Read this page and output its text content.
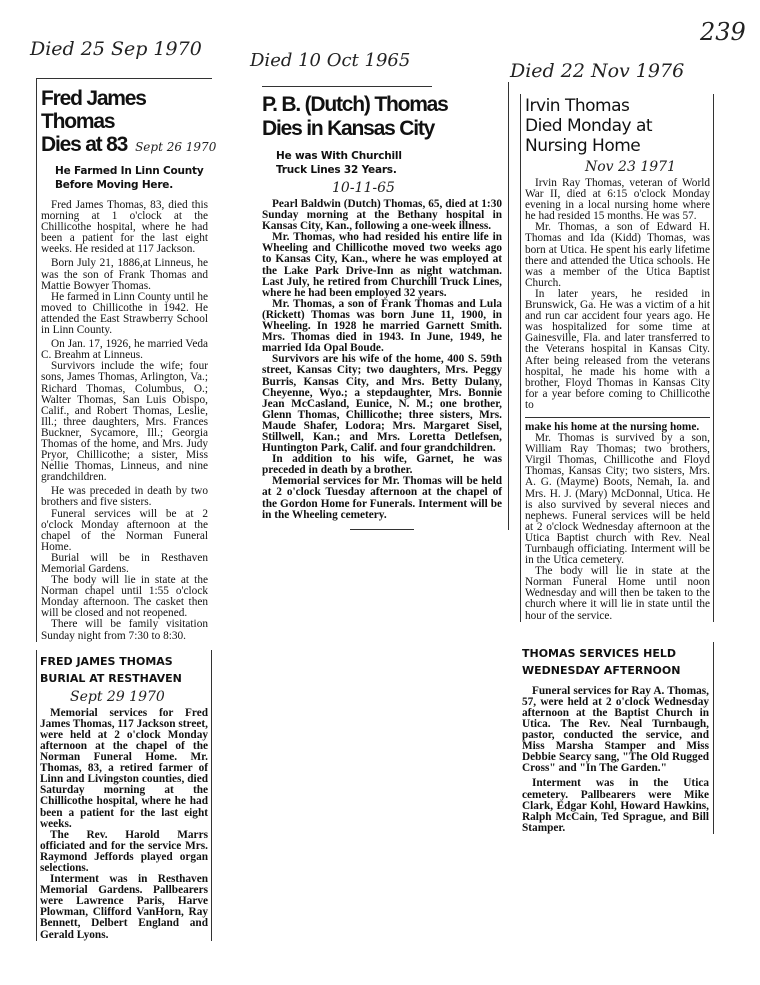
239
Died 25 Sep 1970
Fred James Thomas
Dies at 83 Sept 26 1970
He Farmed In Linn County
Before Moving Here.

Fred James Thomas, 83, died this morning at 1 o'clock at the Chillicothe hospital, where he had been a patient for the last eight weeks. He resided at 117 Jackson.

Born July 21, 1886,at Linneus, he was the son of Frank Thomas and Mattie Bowyer Thomas.

He farmed in Linn County until he moved to Chillicothe in 1942. He attended the East Strawberry School in Linn County.

On Jan. 17, 1926, he married Veda C. Breahm at Linneus.

Survivors include the wife; four sons, James Thomas, Arlington, Va.; Richard Thomas, Columbus, O.; Walter Thomas, San Luis Obispo, Calif., and Robert Thomas, Leslie, Ill.; three daughters, Mrs. Frances Buckner, Sycamore, Ill.; Georgia Thomas of the home, and Mrs. Judy Pryor, Chillicothe; a sister, Miss Nellie Thomas, Linneus, and nine grandchildren.

He was preceded in death by two brothers and five sisters.

Funeral services will be at 2 o'clock Monday afternoon at the chapel of the Norman Funeral Home.

Burial will be in Resthaven Memorial Gardens.

The body will lie in state at the Norman chapel until 1:55 o'clock Monday afternoon. The casket then will be closed and not reopened.

There will be family visitation Sunday night from 7:30 to 8:30.

FRED JAMES THOMAS
BURIAL AT RESTHAVEN
Sept 29 1970

Memorial services for Fred James Thomas, 117 Jackson street, were held at 2 o'clock Monday afternoon at the chapel of the Norman Funeral Home. Mr. Thomas, 83, a retired farmer of Linn and Livingston counties, died Saturday morning at the Chillicothe hospital, where he had been a patient for the last eight weeks.

The Rev. Harold Marrs officiated and for the service Mrs. Raymond Jeffords played organ selections.

Interment was in Resthaven Memorial Gardens. Pallbearers were Lawrence Paris, Harve Plowman, Clifford VanHorn, Ray Bennett, Delbert England and Gerald Lyons.

Died 10 Oct 1965
P. B. (Dutch) Thomas
Dies in Kansas City
He was With Churchill
Truck Lines 32 Years.
10-11-65

Pearl Baldwin (Dutch) Thomas, 65, died at 1:30 Sunday morning at the Bethany hospital in Kansas City, Kan., following a one-week illness.

Mr. Thomas, who had resided his entire life in Wheeling and Chillicothe moved two weeks ago to Kansas City, Kan., where he was employed at the Lake Park Drive-Inn as night watchman. Last July, he retired from Churchill Truck Lines, where he had been employed 32 years.

Mr. Thomas, a son of Frank Thomas and Lula (Rickett) Thomas was born June 11, 1900, in Wheeling. In 1928 he married Garnett Smith. Mrs. Thomas died in 1943. In June, 1949, he married Ida Opal Boude.

Survivors are his wife of the home, 400 S. 59th street, Kansas City; two daughters, Mrs. Peggy Burris, Kansas City, and Mrs. Betty Dulany, Cheyenne, Wyo.; a stepdaughter, Mrs. Bonnie Jean McCasland, Eunice, N. M.; one brother, Glenn Thomas, Chillicothe; three sisters, Mrs. Maude Shafer, Lodora; Mrs. Margaret Sisel, Stillwell, Kan.; and Mrs. Loretta Detlefsen, Huntington Park, Calif. and four grandchildren.

In addition to his wife, Garnet, he was preceded in death by a brother.

Memorial services for Mr. Thomas will be held at 2 o'clock Tuesday afternoon at the chapel of the Gordon Home for Funerals. Interment will be in the Wheeling cemetery.

Died 22 Nov 1976
Irvin Thomas
Died Monday at
Nursing Home
Nov 23 1971

Irvin Ray Thomas, veteran of World War II, died at 6:15 o'clock Monday evening in a local nursing home where he had resided 15 months. He was 57.

Mr. Thomas, a son of Edward H. Thomas and Ida (Kidd) Thomas, was born at Utica. He spent his early lifetime there and attended the Utica schools. He was a member of the Utica Baptist Church.

In later years, he resided in Brunswick, Ga. He was a victim of a hit and run car accident four years ago. He was hospitalized for some time at Gainesville, Fla. and later transferred to the Veterans hospital in Kansas City. After being released from the veterans hospital, he made his home with a brother, Floyd Thomas in Kansas City for a year before coming to Chillicothe to

make his home at the nursing home.

Mr. Thomas is survived by a son, William Ray Thomas; two brothers, Virgil Thomas, Chillicothe and Floyd Thomas, Kansas City; two sisters, Mrs. A. G. (Mayme) Boots, Nemah, Ia. and Mrs. H. J. (Mary) McDonnal, Utica. He is also survived by several nieces and nephews. Funeral services will be held at 2 o'clock Wednesday afternoon at the Utica Baptist church with Rev. Neal Turnbaugh officiating. Interment will be in the Utica cemetery.

The body will lie in state at the Norman Funeral Home until noon Wednesday and will then be taken to the church where it will lie in state until the hour of the service.

THOMAS SERVICES HELD
WEDNESDAY AFTERNOON

Funeral services for Ray A. Thomas, 57, were held at 2 o'clock Wednesday afternoon at the Baptist Church in Utica. The Rev. Neal Turnbaugh, pastor, conducted the service, and Miss Marsha Stamper and Miss Debbie Searcy sang, "The Old Rugged Cross" and "In The Garden."

Interment was in the Utica cemetery. Pallbearers were Mike Clark, Edgar Kohl, Howard Hawkins, Ralph McCain, Ted Sprague, and Bill Stamper.
